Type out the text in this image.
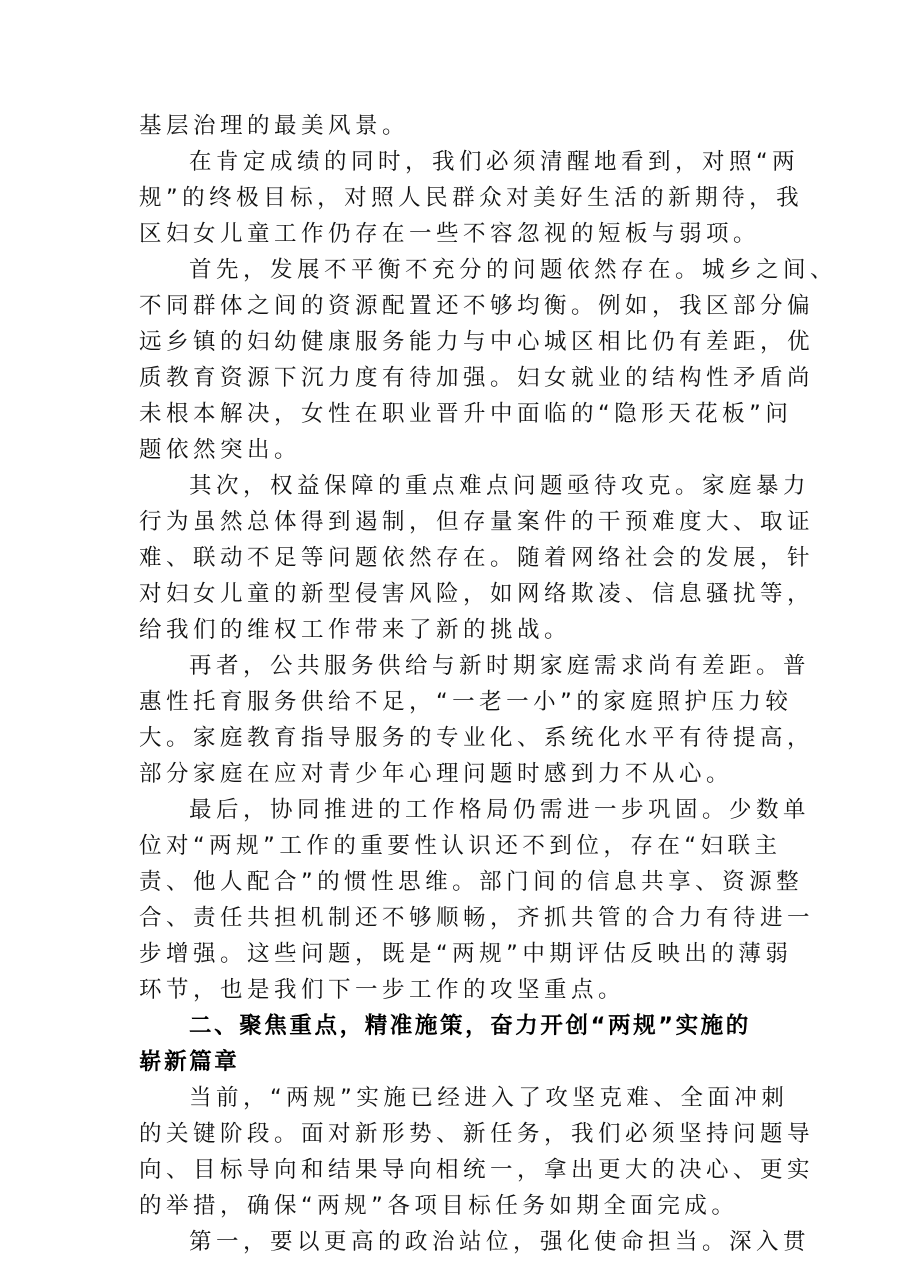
基层治理的最美风景。
在肯定成绩的同时，我们必须清醒地看到，对照“两
规”的终极目标，对照人民群众对美好生活的新期待，我
区妇女儿童工作仍存在一些不容忽视的短板与弱项。
首先，发展不平衡不充分的问题依然存在。城乡之间、
不同群体之间的资源配置还不够均衡。例如，我区部分偏
远乡镇的妇幼健康服务能力与中心城区相比仍有差距，优
质教育资源下沉力度有待加强。妇女就业的结构性矛盾尚
未根本解决，女性在职业晋升中面临的“隐形天花板”问
题依然突出。
其次，权益保障的重点难点问题亟待攻克。家庭暴力
行为虽然总体得到遏制，但存量案件的干预难度大、取证
难、联动不足等问题依然存在。随着网络社会的发展，针
对妇女儿童的新型侵害风险，如网络欺凌、信息骚扰等，
给我们的维权工作带来了新的挑战。
再者，公共服务供给与新时期家庭需求尚有差距。普
惠性托育服务供给不足，“一老一小”的家庭照护压力较
大。家庭教育指导服务的专业化、系统化水平有待提高，
部分家庭在应对青少年心理问题时感到力不从心。
最后，协同推进的工作格局仍需进一步巩固。少数单
位对“两规”工作的重要性认识还不到位，存在“妇联主
责、他人配合”的惯性思维。部门间的信息共享、资源整
合、责任共担机制还不够顺畅，齐抓共管的合力有待进一
步增强。这些问题，既是“两规”中期评估反映出的薄弱
环节，也是我们下一步工作的攻坚重点。
二、聚焦重点，精准施策，奋力开创“两规”实施的
崭新篇章
当前，“两规”实施已经进入了攻坚克难、全面冲刺
的关键阶段。面对新形势、新任务，我们必须坚持问题导
向、目标导向和结果导向相统一，拿出更大的决心、更实
的举措，确保“两规”各项目标任务如期全面完成。
第一，要以更高的政治站位，强化使命担当。深入贯
